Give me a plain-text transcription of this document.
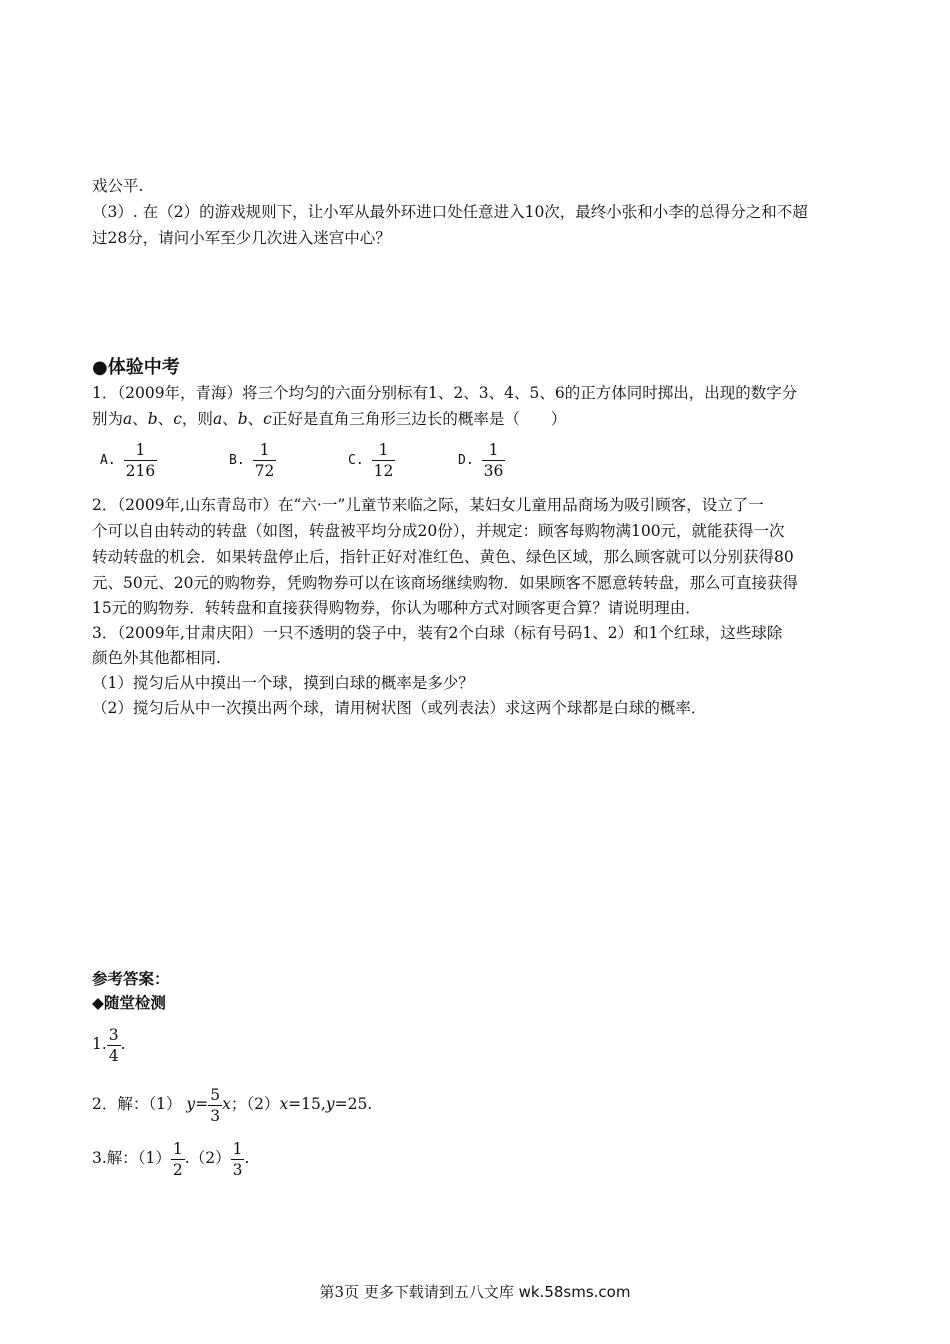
戏公平.
（3）. 在（2）的游戏规则下，让小军从最外环进口处任意进入10次，最终小张和小李的总得分之和不超
过28分，请问小军至少几次进入迷宫中心？
●体验中考
1．（2009年，青海）将三个均匀的六面分别标有1、2、3、4、5、6的正方体同时掷出，出现的数字分
别为a、b、c，则a、b、c正好是直角三角形三边长的概率是（　　）
A. $\frac{1}{216}$	B. $\frac{1}{72}$	C. $\frac{1}{12}$	D. $\frac{1}{36}$
2．（2009年,山东青岛市）在“六·一”儿童节来临之际，某妇女儿童用品商场为吸引顾客，设立了一
个可以自由转动的转盘（如图，转盘被平均分成20份），并规定：顾客每购物满100元，就能获得一次
转动转盘的机会．如果转盘停止后，指针正好对准红色、黄色、绿色区域，那么顾客就可以分别获得80
元、50元、20元的购物券，凭购物券可以在该商场继续购物．如果顾客不愿意转转盘，那么可直接获得
15元的购物券．转转盘和直接获得购物券，你认为哪种方式对顾客更合算？请说明理由．
3．（2009年,甘肃庆阳）一只不透明的袋子中，装有2个白球（标有号码1、2）和1个红球，这些球除
颜色外其他都相同.
（1）搅匀后从中摸出一个球，摸到白球的概率是多少？
（2）搅匀后从中一次摸出两个球，请用树状图（或列表法）求这两个球都是白球的概率．
参考答案：
◆随堂检测
1. $\frac{3}{4}$ .
2．解：（1） $y= \frac{5}{3}$ x；（2）x=15,y=25.
3.解：$(1) \frac{1}{2} .(2) \frac{1}{3}$ .
第3页 更多下载请到五八文库 wk.58sms.com
